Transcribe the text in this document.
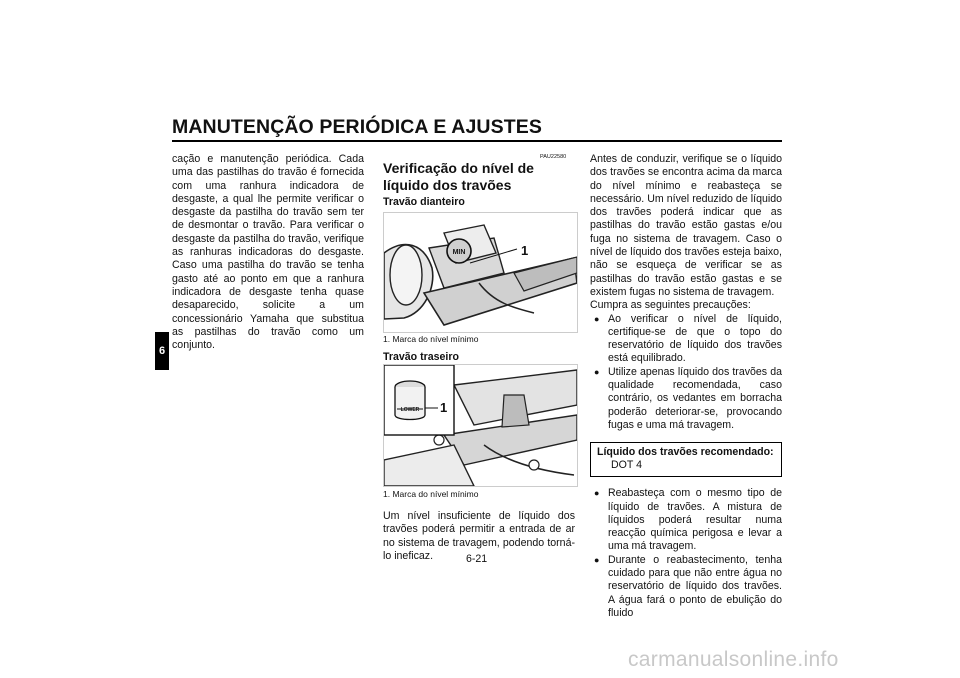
MANUTENÇÃO PERIÓDICA E AJUSTES
6
cação e manutenção periódica. Cada uma das pastilhas do travão é fornecida com uma ranhura indicadora de desgaste, a qual lhe permite verificar o desgaste da pastilha do travão sem ter de desmontar o travão. Para verificar o desgaste da pastilha do travão, verifique as ranhuras indicadoras do desgaste. Caso uma pastilha do travão se tenha gasto até ao ponto em que a ranhura indicadora de desgaste tenha quase desaparecido, solicite a um concessionário Yamaha que substitua as pastilhas do travão como um conjunto.
PAU22580
Verificação do nível de líquido dos travões
Travão dianteiro
MIN	1
1. Marca do nível mínimo
Travão traseiro
LOWER 1
1. Marca do nível mínimo
Um nível insuficiente de líquido dos travões poderá permitir a entrada de ar no sistema de travagem, podendo torná-lo ineficaz.
Antes de conduzir, verifique se o líquido dos travões se encontra acima da marca do nível mínimo e reabasteça se necessário. Um nível reduzido de líquido dos travões poderá indicar que as pastilhas do travão estão gastas e/ou fuga no sistema de travagem. Caso o nível de líquido dos travões esteja baixo, não se esqueça de verificar se as pastilhas do travão estão gastas e se existem fugas no sistema de travagem.
Cumpra as seguintes precauções:
● Ao verificar o nível de líquido, certifique-se de que o topo do reservatório de líquido dos travões está equilibrado.
● Utilize apenas líquido dos travões da qualidade recomendada, caso contrário, os vedantes em borracha poderão deteriorar-se, provocando fugas e uma má travagem.
Líquido dos travões recomendado:
DOT 4
● Reabasteça com o mesmo tipo de líquido de travões. A mistura de líquidos poderá resultar numa reacção química perigosa e levar a uma má travagem.
● Durante o reabastecimento, tenha cuidado para que não entre água no reservatório de líquido dos travões. A água fará o ponto de ebulição do fluido
6-21
carmanualsonline.info
